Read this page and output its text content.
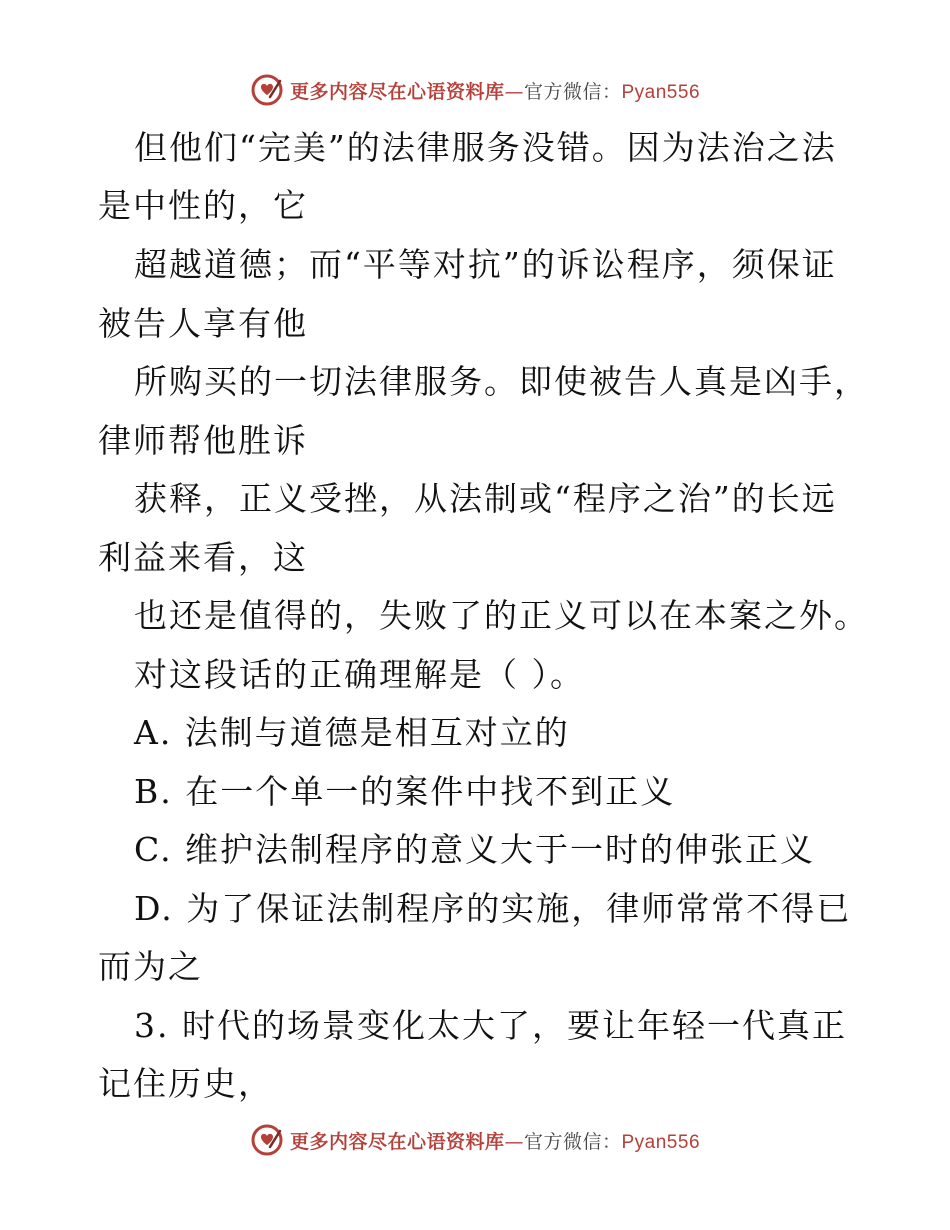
更多内容尽在心语资料库—官方微信：Pyan556
但他们“完美”的法律服务没错。因为法治之法
是中性的，它
超越道德；而“平等对抗”的诉讼程序，须保证
被告人享有他
所购买的一切法律服务。即使被告人真是凶手，
律师帮他胜诉
获释，正义受挫，从法制或“程序之治”的长远
利益来看，这
也还是值得的，失败了的正义可以在本案之外。
对这段话的正确理解是（ ）。
A. 法制与道德是相互对立的
B. 在一个单一的案件中找不到正义
C. 维护法制程序的意义大于一时的伸张正义
D. 为了保证法制程序的实施，律师常常不得已
而为之
3. 时代的场景变化太大了，要让年轻一代真正
记住历史，
更多内容尽在心语资料库—官方微信：Pyan556
